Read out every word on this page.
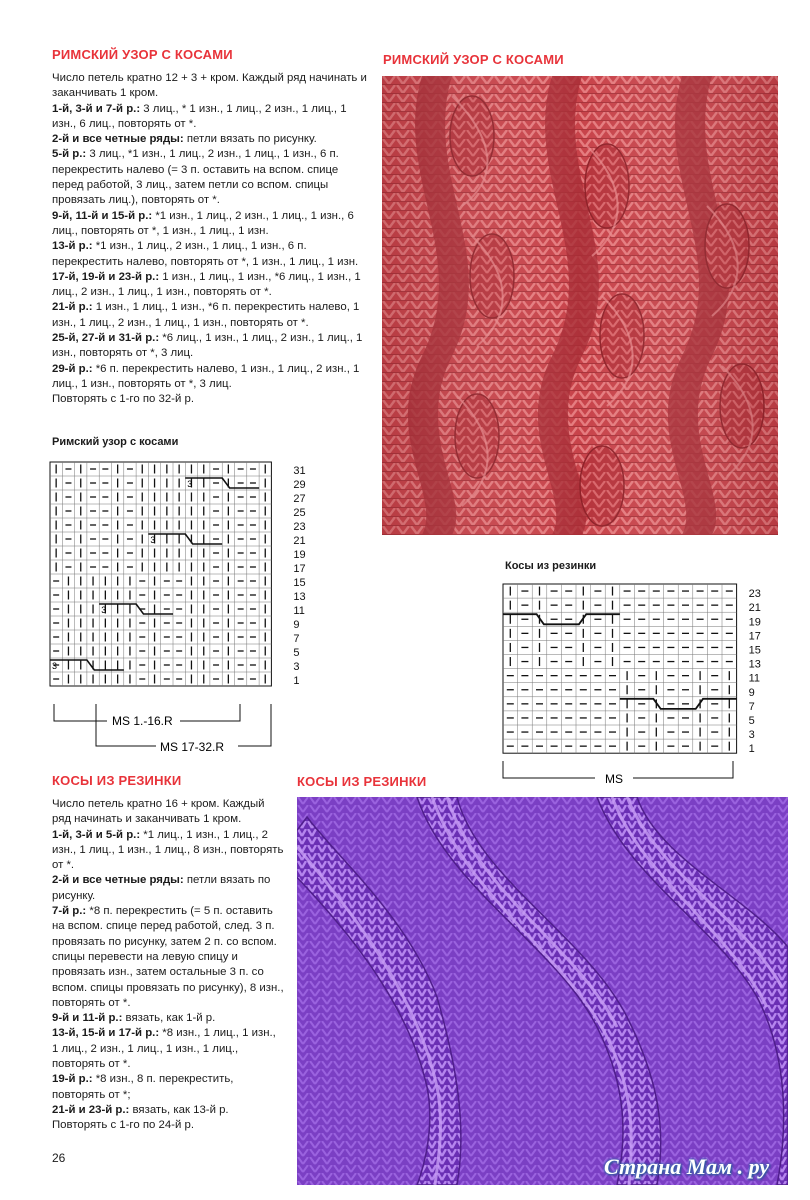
РИМСКИЙ УЗОР С КОСАМИ

Число петель кратно 12 + 3 + кром. Каждый ряд начинать и заканчивать 1 кром.

1-й, 3-й и 7-й р.: 3 лиц., * 1 изн., 1 лиц., 2 изн., 1 лиц., 1 изн., 6 лиц., повторять от *.

2-й и все четные ряды: петли вязать по рисунку.

5-й р.: 3 лиц., *1 изн., 1 лиц., 2 изн., 1 лиц., 1 изн., 6 п. перекрестить налево (= 3 п. оставить на вспом. спице перед работой, 3 лиц., затем петли со вспом. спицы провязать лиц.), повторять от *.

9-й, 11-й и 15-й р.: *1 изн., 1 лиц., 2 изн., 1 лиц., 1 изн., 6 лиц., повторять от *, 1 изн., 1 лиц., 1 изн.

13-й р.: *1 изн., 1 лиц., 2 изн., 1 лиц., 1 изн., 6 п. перекрестить налево, повторять от *, 1 изн., 1 лиц., 1 изн.

17-й, 19-й и 23-й р.: 1 изн., 1 лиц., 1 изн., *6 лиц., 1 изн., 1 лиц., 2 изн., 1 лиц., 1 изн., повторять от *.

21-й р.: 1 изн., 1 лиц., 1 изн., *6 п. перекрестить налево, 1 изн., 1 лиц., 2 изн., 1 лиц., 1 изн., повторять от *.

25-й, 27-й и 31-й р.: *6 лиц., 1 изн., 1 лиц., 2 изн., 1 лиц., 1 изн., повторять от *, 3 лиц.

29-й р.: *6 п. перекрестить налево, 1 изн., 1 лиц., 2 изн., 1 лиц., 1 изн., повторять от *, 3 лиц.

Повторять с 1-го по 32-й р.

Римский узор с косами
3
3
3
3
31
29
27
25
23
21
19
17
15
13
11
9
7
5
3
1
MS 1.-16.R
MS 17-32.R
РИМСКИЙ УЗОР С КОСАМИ
Косы из резинки
23
21
19
17
15
13
11
9
7
5
3
1
MS
КОСЫ ИЗ РЕЗИНКИ

Число петель кратно 16 + кром. Каждый ряд начинать и заканчивать 1 кром.

1-й, 3-й и 5-й р.: *1 лиц., 1 изн., 1 лиц., 2 изн., 1 лиц., 1 изн., 1 лиц., 8 изн., повторять от *.

2-й и все четные ряды: петли вязать по рисунку.

7-й р.: *8 п. перекрестить (= 5 п. оставить на вспом. спице перед работой, след. 3 п. провязать по рисунку, затем 2 п. со вспом. спицы перевести на левую спицу и провязать изн., затем остальные 3 п. со вспом. спицы провязать по рисунку), 8 изн., повторять от *.

9-й и 11-й р.: вязать, как 1-й р.

13-й, 15-й и 17-й р.: *8 изн., 1 лиц., 1 изн., 1 лиц., 2 изн., 1 лиц., 1 изн., 1 лиц., повторять от *.

19-й р.: *8 изн., 8 п. перекрестить, повторять от *;

21-й и 23-й р.: вязать, как 13-й р.

Повторять с 1-го по 24-й р.

КОСЫ ИЗ РЕЗИНКИ
26	Страна Мам . ру
